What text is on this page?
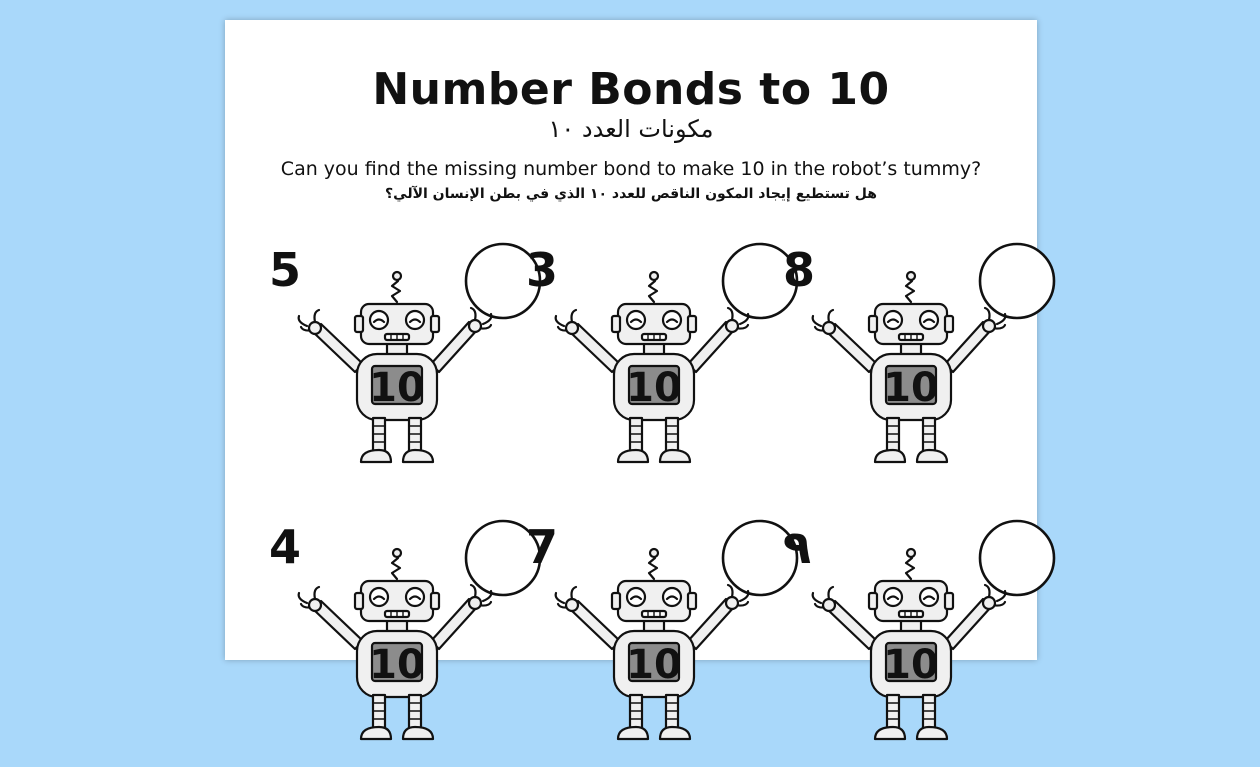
Number Bonds to 10
مكونات العدد ١٠
Can you find the missing number bond to make 10 in the robot’s tummy?
هل تستطيع إيجاد المكون الناقص للعدد ١٠ الذي في بطن الإنسان الآلي؟
5
10
3
10
8
10
4
10
7
10
٩
10
